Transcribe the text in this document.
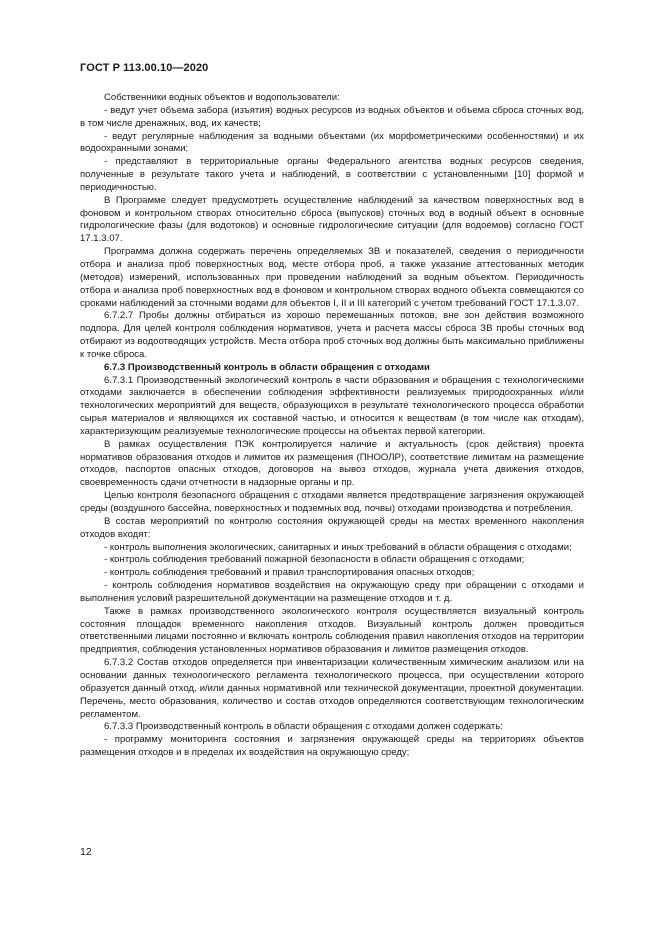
ГОСТ Р 113.00.10—2020

Собственники водных объектов и водопользователи:

- ведут учет объема забора (изъятия) водных ресурсов из водных объектов и объема сброса сточных вод, в том числе дренажных, вод, их качеств;

- ведут регулярные наблюдения за водными объектами (их морфометрическими особенностями) и их водоохранными зонами;

- представляют в территориальные органы Федерального агентства водных ресурсов сведения, полученные в результате такого учета и наблюдений, в соответствии с установленными [10] формой и периодичностью.

В Программе следует предусмотреть осуществление наблюдений за качеством поверхностных вод в фоновом и контрольном створах относительно сброса (выпусков) сточных вод в водный объект в основные гидрологические фазы (для водотоков) и основные гидрологические ситуации (для водоемов) согласно ГОСТ 17.1.3.07.

Программа должна содержать перечень определяемых ЗВ и показателей, сведения о периодичности отбора и анализа проб поверхностных вод, месте отбора проб, а также указание аттестованных методик (методов) измерений, использованных при проведении наблюдений за водным объектом. Периодичность отбора и анализа проб поверхностных вод в фоновом и контрольном створах водного объекта совмещаются со сроками наблюдений за сточными водами для объектов I, II и III категорий с учетом требований ГОСТ 17.1.3.07.

6.7.2.7 Пробы должны отбираться из хорошо перемешанных потоков, вне зон действия возможного подпора. Для целей контроля соблюдения нормативов, учета и расчета массы сброса ЗВ пробы сточных вод отбирают из водоотводящих устройств. Места отбора проб сточных вод должны быть максимально приближены к точке сброса.

6.7.3 Производственный контроль в области обращения с отходами

6.7.3.1 Производственный экологический контроль в части образования и обращения с технологическими отходами заключается в обеспечении соблюдения эффективности реализуемых природоохранных и/или технологических мероприятий для веществ, образующихся в результате технологического процесса обработки сырья материалов и являющихся их составной частью, и относится к веществам (в том числе как отходам), характеризующим реализуемые технологические процессы на объектах первой категории.

В рамках осуществления ПЭК контролируется наличие и актуальность (срок действия) проекта нормативов образования отходов и лимитов их размещения (ПНООЛР), соответствие лимитам на размещение отходов, паспортов опасных отходов, договоров на вывоз отходов, журнала учета движения отходов, своевременность сдачи отчетности в надзорные органы и пр.

Целью контроля безопасного обращения с отходами является предотвращение загрязнения окружающей среды (воздушного бассейна, поверхностных и подземных вод, почвы) отходами производства и потребления.

В состав мероприятий по контролю состояния окружающей среды на местах временного накопления отходов входят:

- контроль выполнения экологических, санитарных и иных требований в области обращения с отходами;

- контроль соблюдения требований пожарной безопасности в области обращения с отходами;

- контроль соблюдения требований и правил транспортирования опасных отходов;

- контроль соблюдения нормативов воздействия на окружающую среду при обращении с отходами и выполнения условий разрешительной документации на размещение отходов и т. д.

Также в рамках производственного экологического контроля осуществляется визуальный контроль состояния площадок временного накопления отходов. Визуальный контроль должен проводиться ответственными лицами постоянно и включать контроль соблюдения правил накопления отходов на территории предприятия, соблюдения установленных нормативов образования и лимитов размещения отходов.

6.7.3.2 Состав отходов определяется при инвентаризации количественным химическим анализом или на основании данных технологического регламента технологического процесса, при осуществлении которого образуется данный отход, и/или данных нормативной или технической документации, проектной документации. Перечень, место образования, количество и состав отходов определяются соответствующим технологическим регламентом.

6.7.3.3 Производственный контроль в области обращения с отходами должен содержать:

- программу мониторинга состояния и загрязнения окружающей среды на территориях объектов размещения отходов и в пределах их воздействия на окружающую среду;

12
